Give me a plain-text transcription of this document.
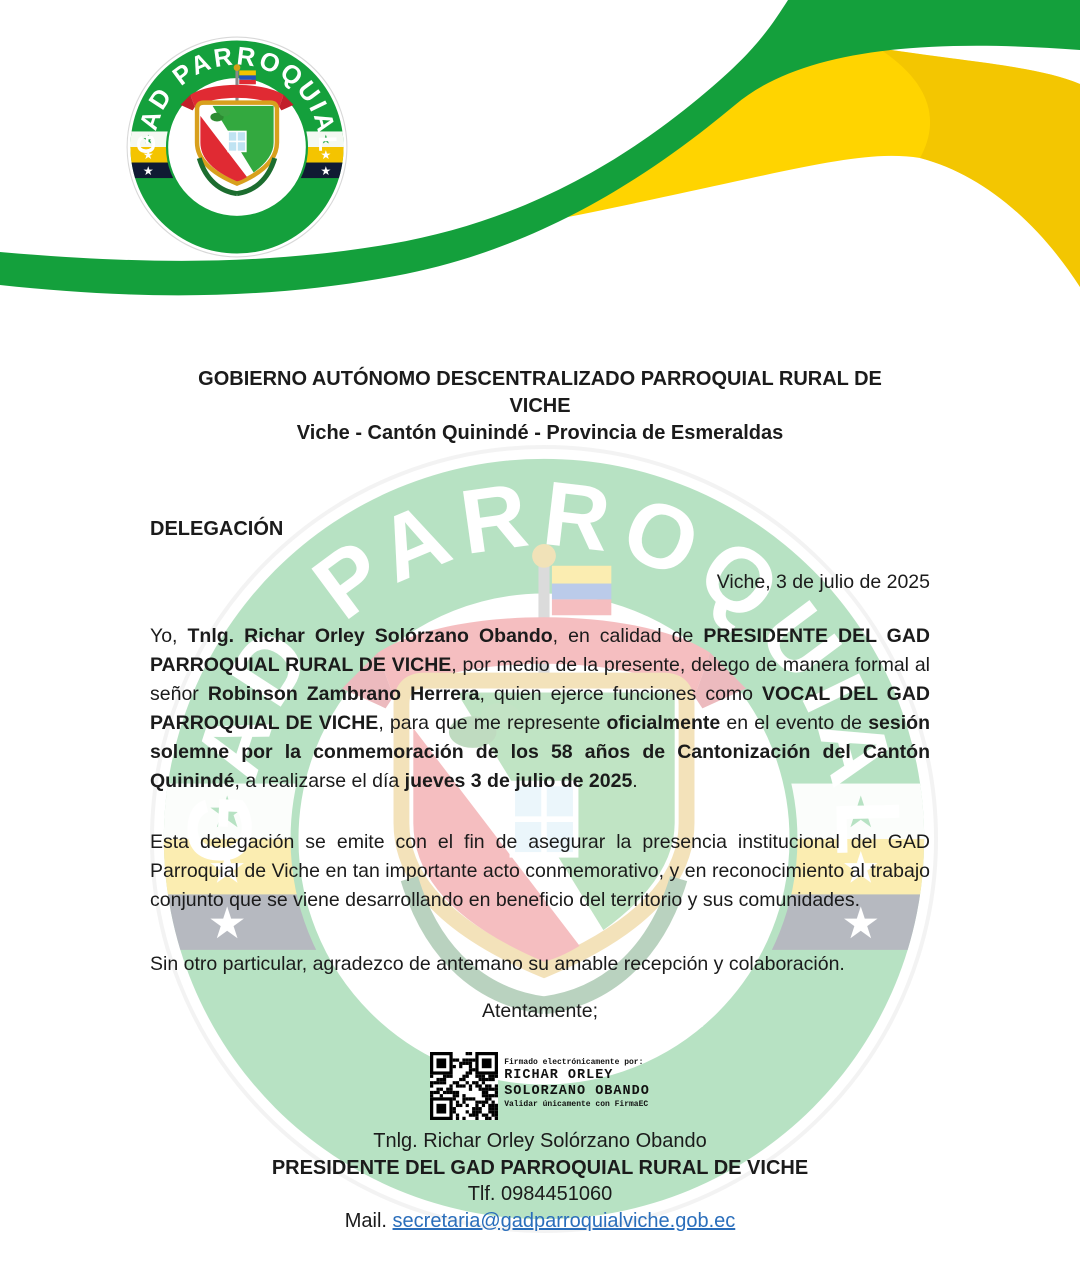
GOBIERNO AUTÓNOMO DESCENTRALIZADO PARROQUIAL RURAL DE
VICHE
Viche - Cantón Quinindé - Provincia de Esmeraldas
DELEGACIÓN
Viche, 3 de julio de 2025
Yo, Tnlg. Richar Orley Solórzano Obando, en calidad de PRESIDENTE DEL GAD PARROQUIAL RURAL DE VICHE, por medio de la presente, delego de manera formal al señor Robinson Zambrano Herrera, quien ejerce funciones como VOCAL DEL GAD PARROQUIAL DE VICHE, para que me represente oficialmente en el evento de sesión solemne por la conmemoración de los 58 años de Cantonización del Cantón Quinindé, a realizarse el día jueves 3 de julio de 2025.
Esta delegación se emite con el fin de asegurar la presencia institucional del GAD Parroquial de Viche en tan importante acto conmemorativo, y en reconocimiento al trabajo conjunto que se viene desarrollando en beneficio del territorio y sus comunidades.
Sin otro particular, agradezco de antemano su amable recepción y colaboración.
Atentamente;
Firmado electrónicamente por:
RICHAR ORLEY
SOLORZANO OBANDO
Validar únicamente con FirmaEC
Tnlg. Richar Orley Solórzano Obando
PRESIDENTE DEL GAD PARROQUIAL RURAL DE VICHE
Tlf. 0984451060
Mail. secretaria@gadparroquialviche.gob.ec
